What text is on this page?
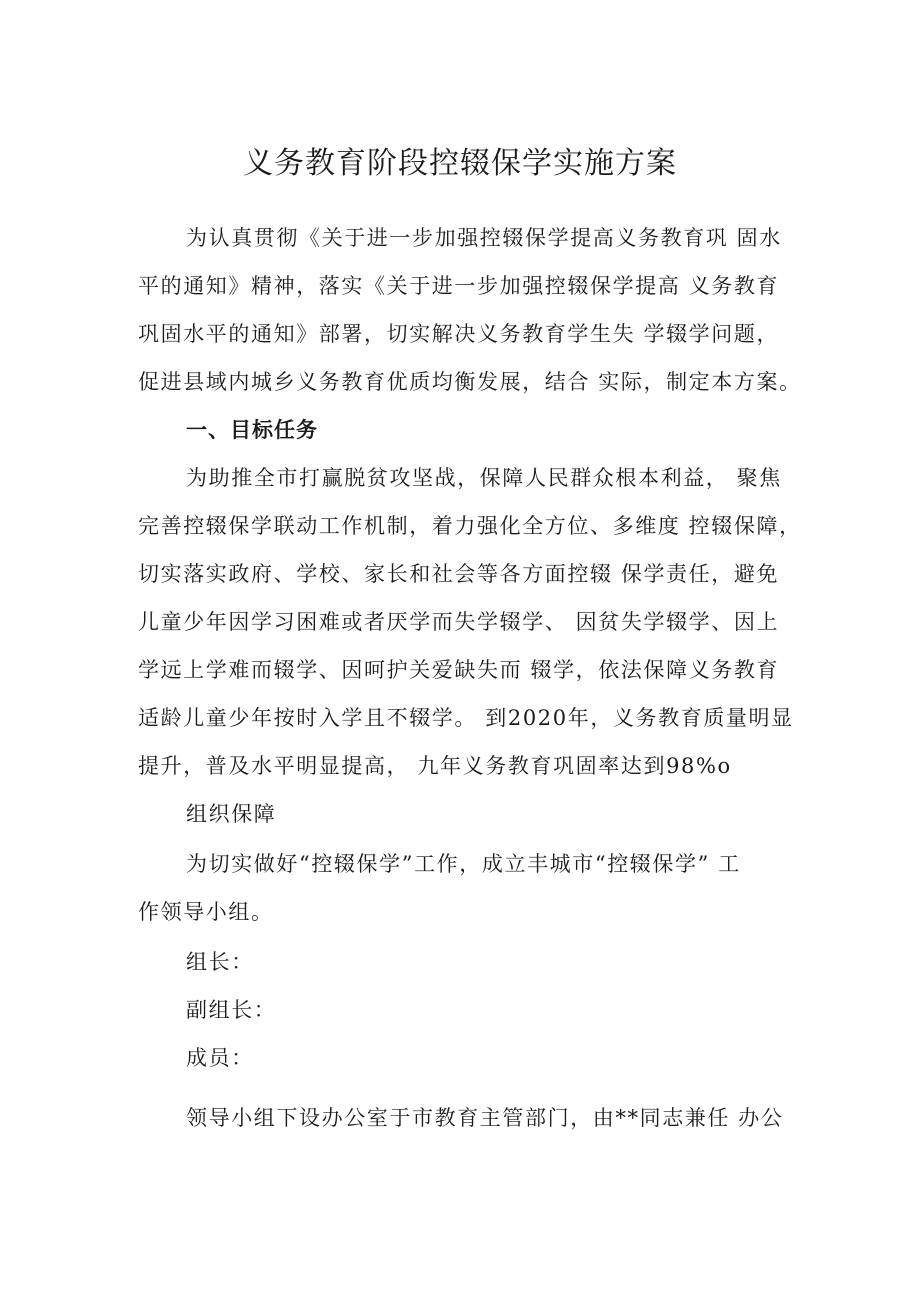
义务教育阶段控辍保学实施方案
为认真贯彻《关于进一步加强控辍保学提高义务教育巩 固水
平的通知》精神，落实《关于进一步加强控辍保学提高 义务教育
巩固水平的通知》部署，切实解决义务教育学生失 学辍学问题，
促进县域内城乡义务教育优质均衡发展，结合 实际，制定本方案。
一、目标任务
为助推全市打赢脱贫攻坚战，保障人民群众根本利益， 聚焦
完善控辍保学联动工作机制，着力强化全方位、多维度 控辍保障，
切实落实政府、学校、家长和社会等各方面控辍 保学责任，避免
儿童少年因学习困难或者厌学而失学辍学、 因贫失学辍学、因上
学远上学难而辍学、因呵护关爱缺失而 辍学，依法保障义务教育
适龄儿童少年按时入学且不辍学。 到2020年，义务教育质量明显
提升，普及水平明显提高， 九年义务教育巩固率达到98%o
组织保障
为切实做好“控辍保学”工作，成立丰城市“控辍保学” 工
作领导小组。
组长：
副组长：
成员：
领导小组下设办公室于市教育主管部门，由**同志兼任 办公
